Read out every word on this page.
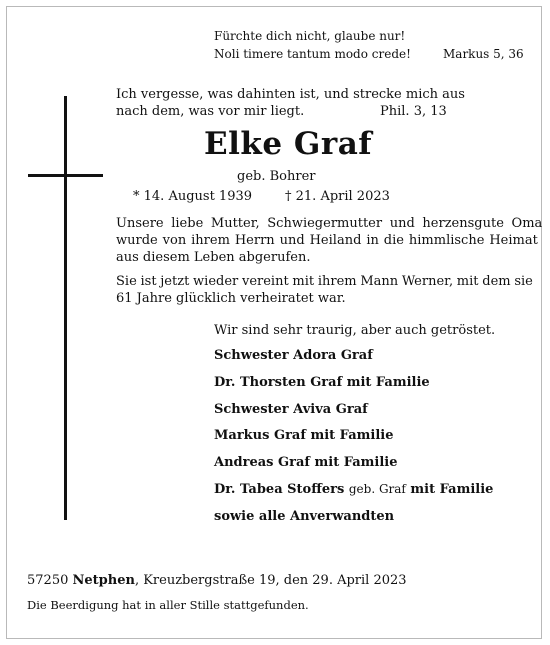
Fürchte dich nicht, glaube nur!
Noli timere tantum modo crede!	Markus 5, 36
Ich vergesse, was dahinten ist, und strecke mich aus
nach dem, was vor mir liegt.	Phil. 3, 13
Elke Graf
geb. Bohrer
* 14. August 1939	† 21. April 2023
Unsere liebe Mutter, Schwiegermutter und herzensgute Oma
wurde von ihrem Herrn und Heiland in die himmlische Heimat
aus diesem Leben abgerufen.
Sie ist jetzt wieder vereint mit ihrem Mann Werner, mit dem sie
61 Jahre glücklich verheiratet war.
Wir sind sehr traurig, aber auch getröstet.
Schwester Adora Graf
Dr. Thorsten Graf mit Familie
Schwester Aviva Graf
Markus Graf mit Familie
Andreas Graf mit Familie
Dr. Tabea Stoffers geb. Graf mit Familie
sowie alle Anverwandten
57250 Netphen, Kreuzbergstraße 19, den 29. April 2023
Die Beerdigung hat in aller Stille stattgefunden.
